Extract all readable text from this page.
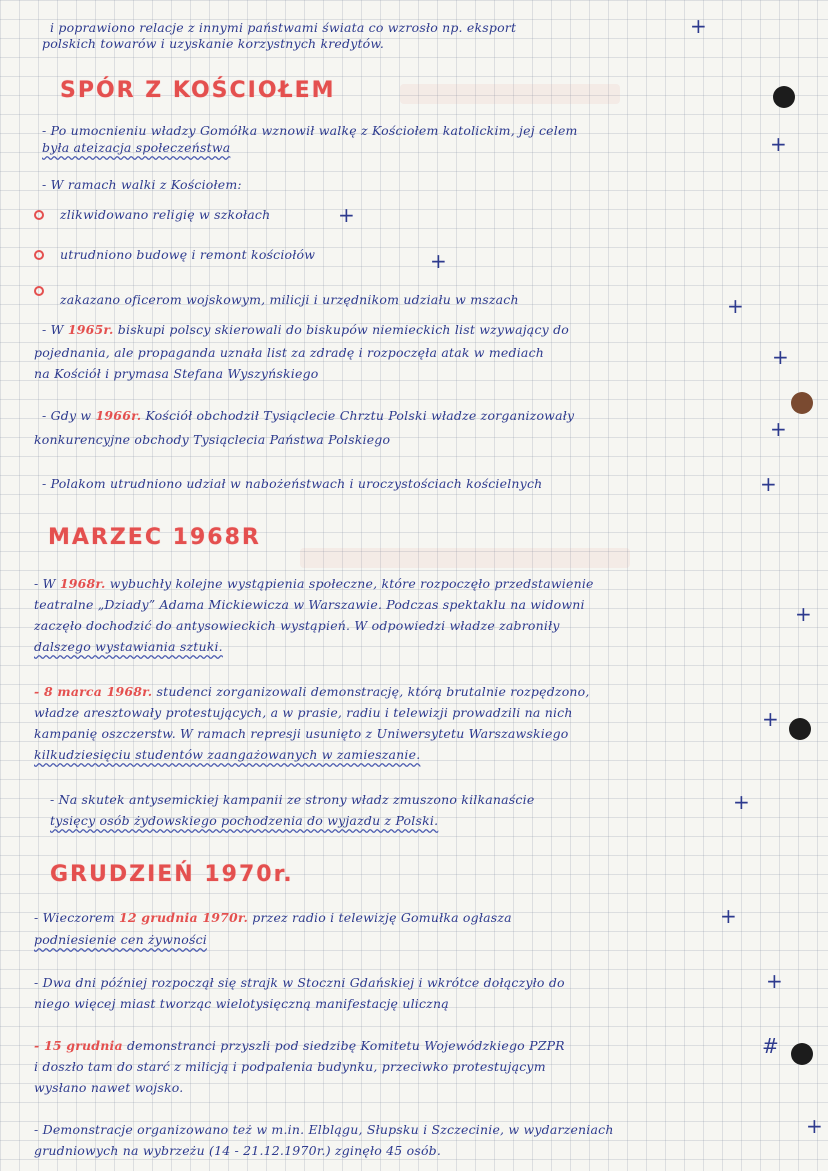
i poprawiono relacje z innymi państwami świata co wzrosło np. eksport	+
polskich towarów i uzyskanie korzystnych kredytów.
SPÓR Z KOŚCIOŁEM
- Po umocnieniu władzy Gomółka wznowił walkę z Kościołem katolickim, jej celem
+
była ateizacja społeczeństwa
- W ramach walki z Kościołem:
zlikwidowano religię w szkołach	+
utrudniono budowę i remont kościołów	+
zakazano oficerom wojskowym, milicji i urzędnikom udziału w mszach	+
- W 1965r. biskupi polscy skierowali do biskupów niemieckich list wzywający do
pojednania, ale propaganda uznała list za zdradę i rozpoczęła atak w mediach	+
na Kościół i prymasa Stefana Wyszyńskiego
- Gdy w 1966r. Kościół obchodził Tysiąclecie Chrztu Polski władze zorganizowały
+
konkurencyjne obchody Tysiąclecia Państwa Polskiego
- Polakom utrudniono udział w nabożeństwach i uroczystościach kościelnych	+
MARZEC 1968R
- W 1968r. wybuchły kolejne wystąpienia społeczne, które rozpoczęło przedstawienie
teatralne „Dziady” Adama Mickiewicza w Warszawie. Podczas spektaklu na widowni	+
zaczęło dochodzić do antysowieckich wystąpień. W odpowiedzi władze zabroniły
dalszego wystawiania sztuki.
- 8 marca 1968r. studenci zorganizowali demonstrację, którą brutalnie rozpędzono,
władze aresztowały protestujących, a w prasie, radiu i telewizji prowadzili na nich	+
kampanię oszczerstw. W ramach represji usunięto z Uniwersytetu Warszawskiego
kilkudziesięciu studentów zaangażowanych w zamieszanie.
- Na skutek antysemickiej kampanii ze strony władz zmuszono kilkanaście	+
tysięcy osób żydowskiego pochodzenia do wyjazdu z Polski.
GRUDZIEŃ 1970r.
- Wieczorem 12 grudnia 1970r. przez radio i telewizję Gomułka ogłasza	+
podniesienie cen żywności
- Dwa dni później rozpoczął się strajk w Stoczni Gdańskiej i wkrótce dołączyło do	+
niego więcej miast tworząc wielotysięczną manifestację uliczną
- 15 grudnia demonstranci przyszli pod siedzibę Komitetu Wojewódzkiego PZPR	#
i doszło tam do starć z milicją i podpalenia budynku, przeciwko protestującym
wysłano nawet wojsko.
- Demonstracje organizowano też w m.in. Elblągu, Słupsku i Szczecinie, w wydarzeniach	+
grudniowych na wybrzeżu (14 - 21.12.1970r.) zginęło 45 osób.
